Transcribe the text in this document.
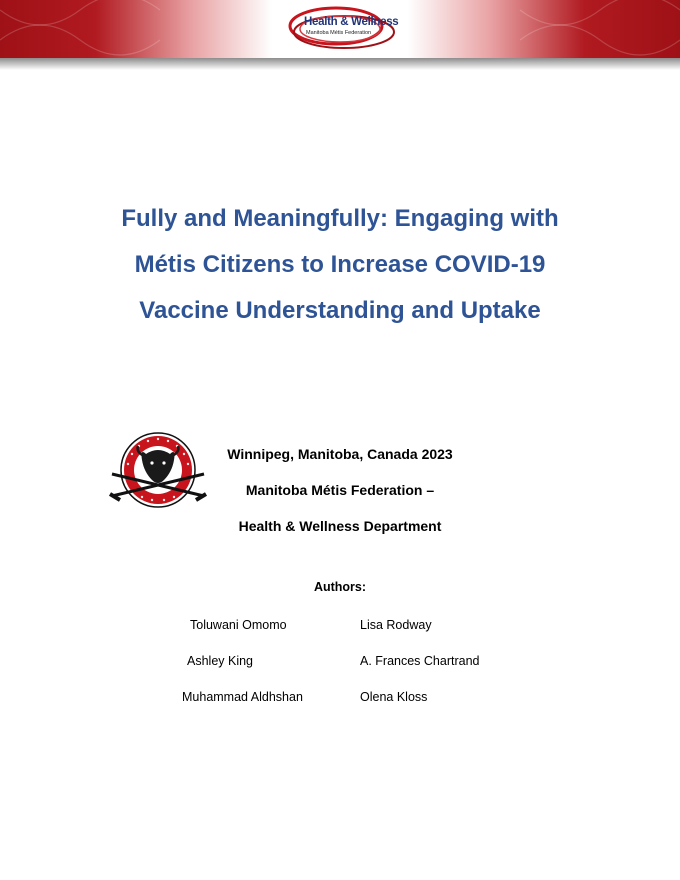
Health & Wellness
Manitoba Métis Federation
Fully and Meaningfully: Engaging with
Métis Citizens to Increase COVID-19
Vaccine Understanding and Uptake
Winnipeg, Manitoba, Canada 2023
Manitoba Métis Federation –
Health & Wellness Department
Authors:
Toluwani Omomo
Ashley King
Muhammad Aldhshan
Lisa Rodway
A. Frances Chartrand
Olena Kloss
